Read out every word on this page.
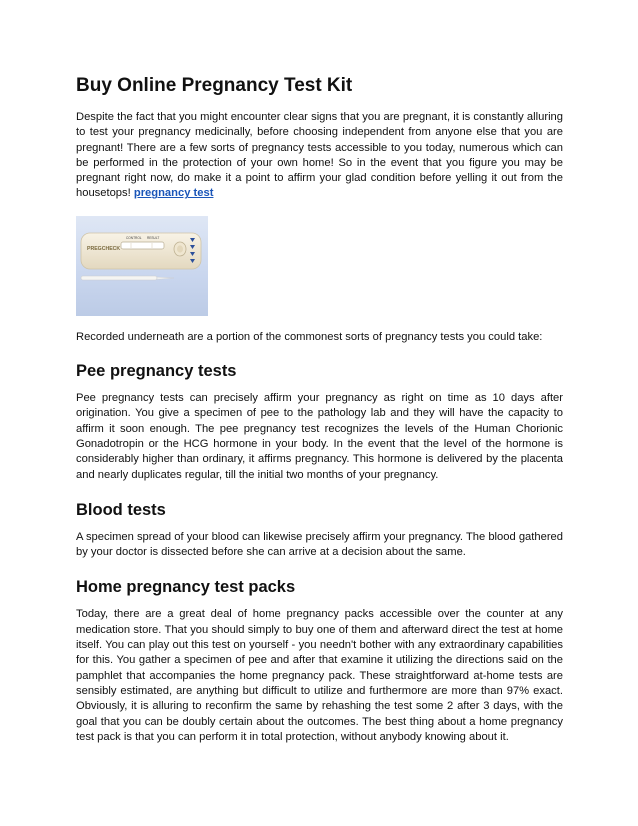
Buy Online Pregnancy Test Kit

Despite the fact that you might encounter clear signs that you are pregnant, it is constantly alluring to test your pregnancy medicinally, before choosing independent from anyone else that you are pregnant! There are a few sorts of pregnancy tests accessible to you today, numerous which can be performed in the protection of your own home! So in the event that you figure you may be pregnant right now, do make it a point to affirm your glad condition before yelling it out from the housetops! pregnancy test

CONTROL RESULT
PREGCHECK

Recorded underneath are a portion of the commonest sorts of pregnancy tests you could take:

Pee pregnancy tests

Pee pregnancy tests can precisely affirm your pregnancy as right on time as 10 days after origination. You give a specimen of pee to the pathology lab and they will have the capacity to affirm it soon enough. The pee pregnancy test recognizes the levels of the Human Chorionic Gonadotropin or the HCG hormone in your body. In the event that the level of the hormone is considerably higher than ordinary, it affirms pregnancy. This hormone is delivered by the placenta and nearly duplicates regular, till the initial two months of your pregnancy.

Blood tests

A specimen spread of your blood can likewise precisely affirm your pregnancy. The blood gathered by your doctor is dissected before she can arrive at a decision about the same.

Home pregnancy test packs

Today, there are a great deal of home pregnancy packs accessible over the counter at any medication store. That you should simply to buy one of them and afterward direct the test at home itself. You can play out this test on yourself - you needn't bother with any extraordinary capabilities for this. You gather a specimen of pee and after that examine it utilizing the directions said on the pamphlet that accompanies the home pregnancy pack. These straightforward at-home tests are sensibly estimated, are anything but difficult to utilize and furthermore are more than 97% exact. Obviously, it is alluring to reconfirm the same by rehashing the test some 2 after 3 days, with the goal that you can be doubly certain about the outcomes. The best thing about a home pregnancy test pack is that you can perform it in total protection, without anybody knowing about it.
